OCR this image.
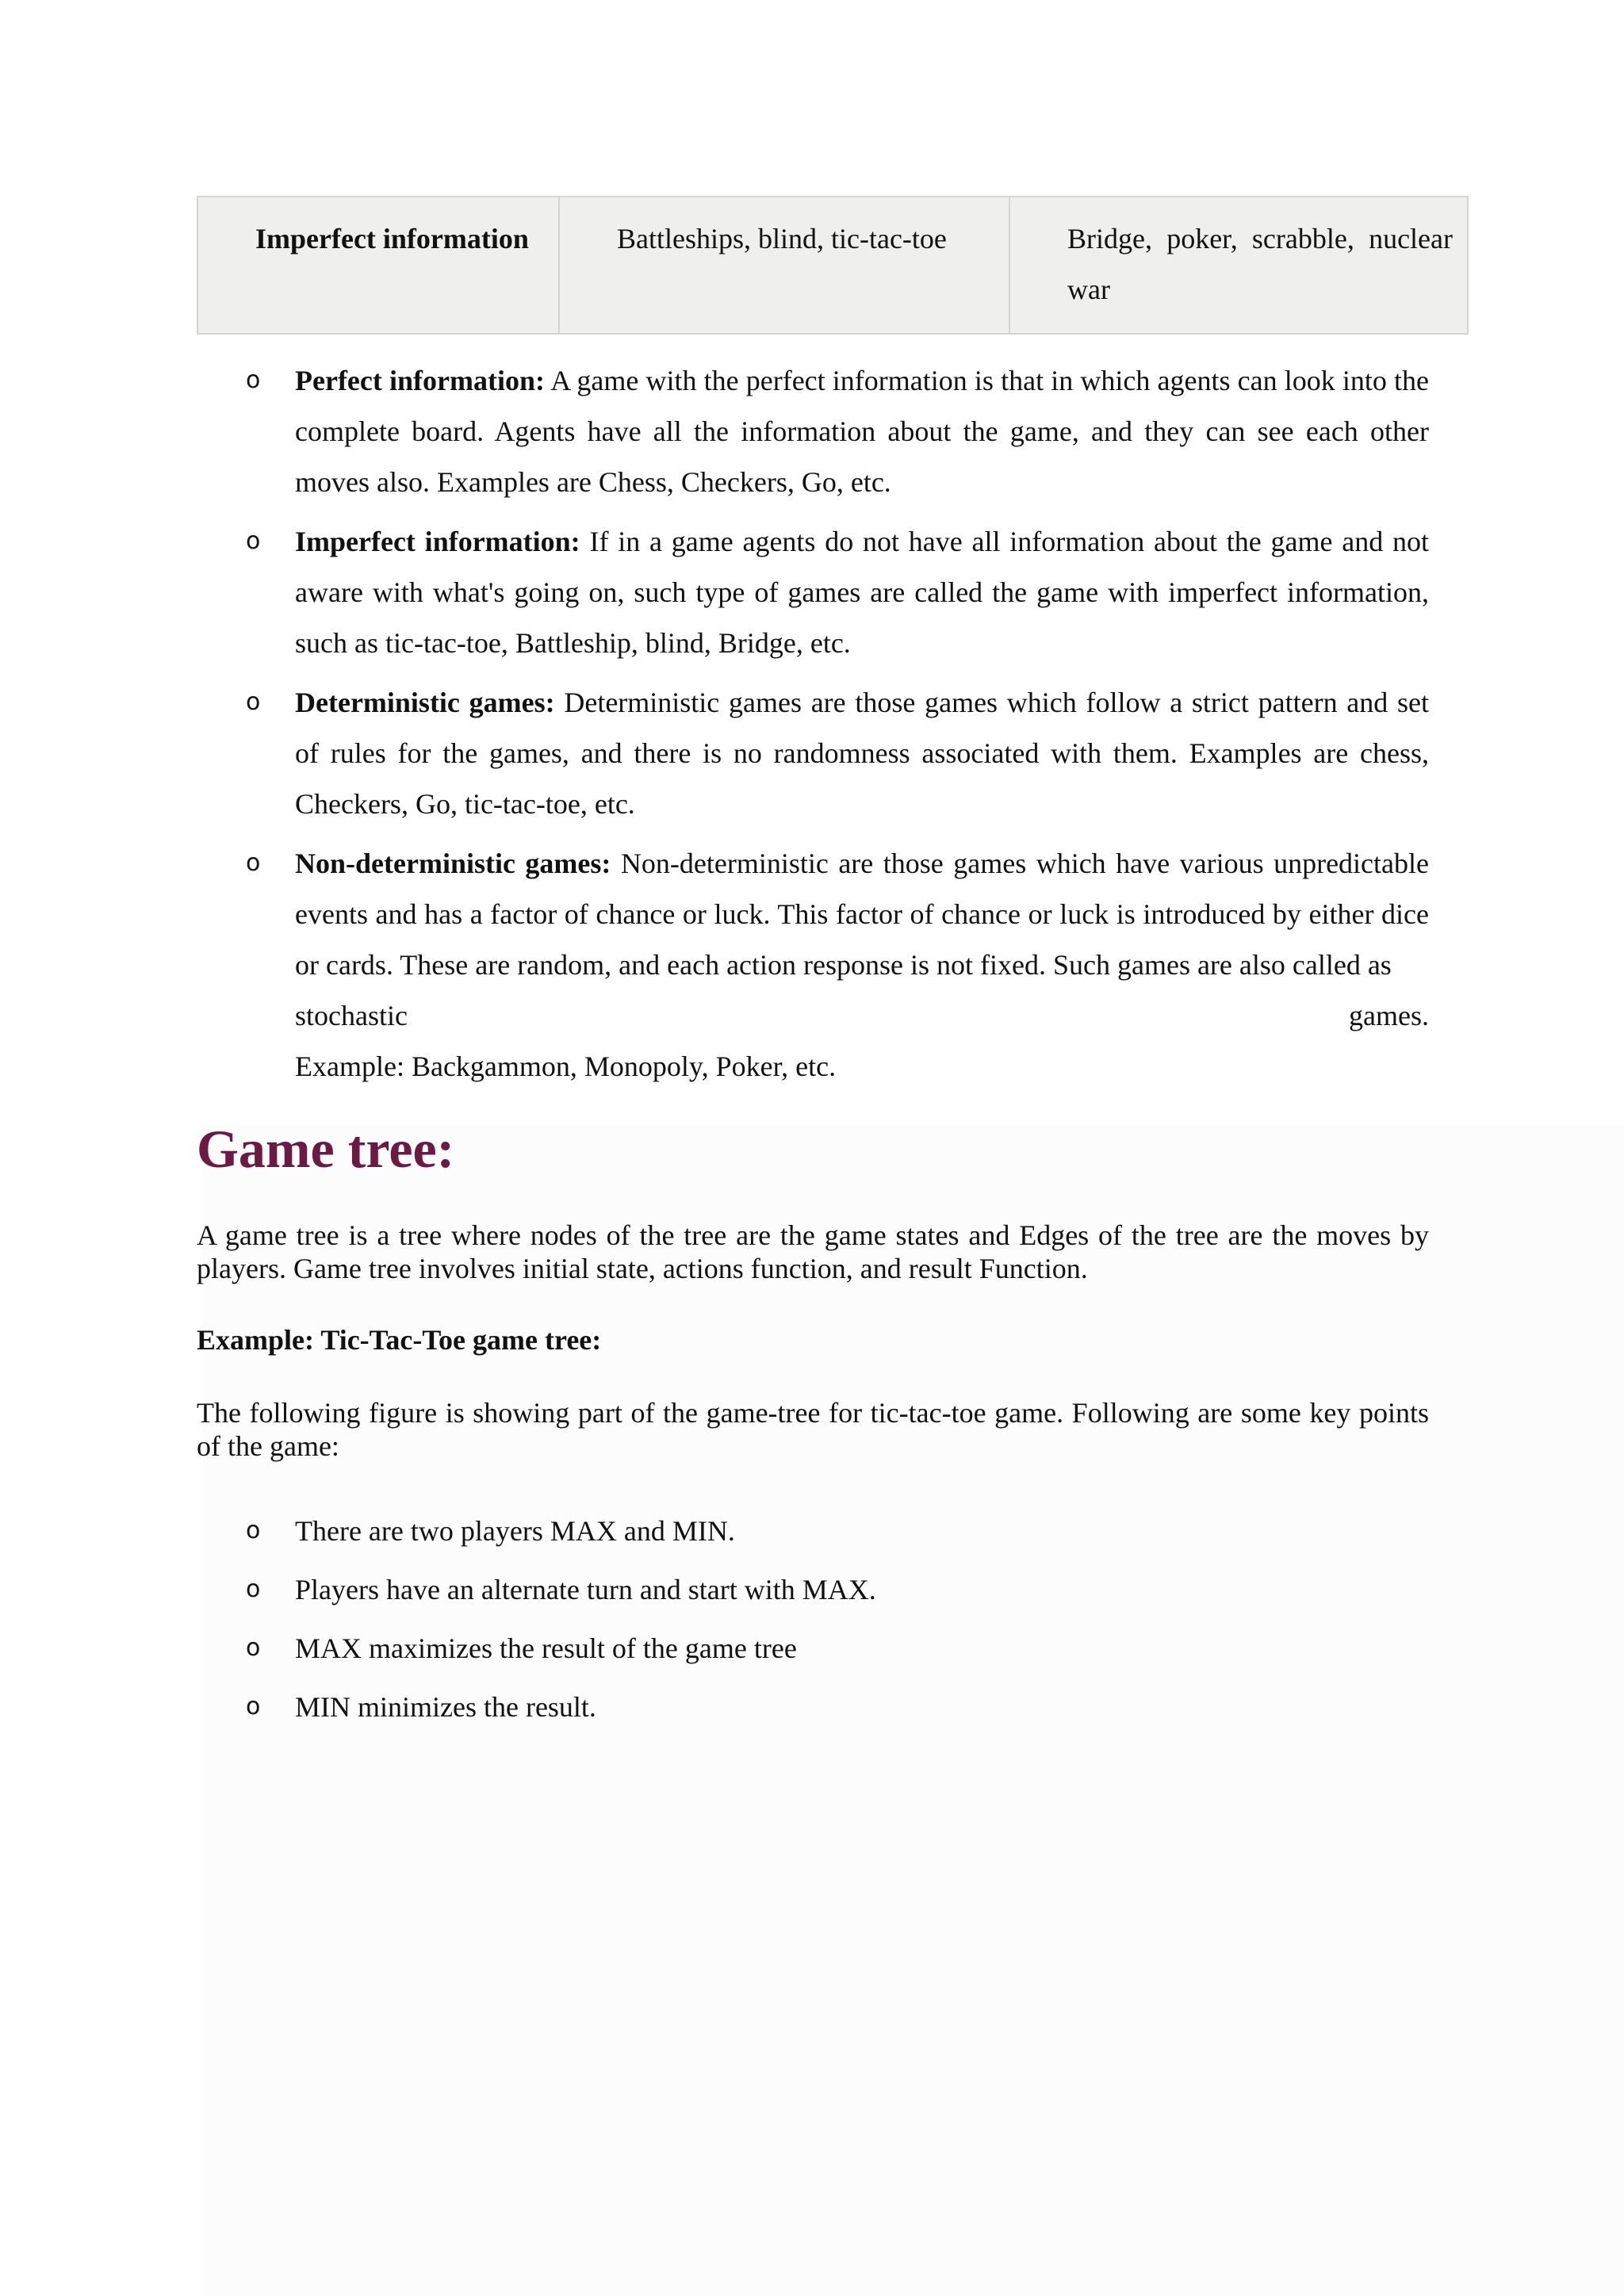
Imperfect information	Battleships, blind, tic-tac-toe	Bridge, poker, scrabble, nuclear war
o Perfect information: A game with the perfect information is that in which agents can look into the complete board. Agents have all the information about the game, and they can see each other moves also. Examples are Chess, Checkers, Go, etc.
o Imperfect information: If in a game agents do not have all information about the game and not aware with what's going on, such type of games are called the game with imperfect information, such as tic-tac-toe, Battleship, blind, Bridge, etc.
o Deterministic games: Deterministic games are those games which follow a strict pattern and set of rules for the games, and there is no randomness associated with them. Examples are chess, Checkers, Go, tic-tac-toe, etc.
o Non-deterministic games: Non-deterministic are those games which have various unpredictable events and has a factor of chance or luck. This factor of chance or luck is introduced by either dice or cards. These are random, and each action response is not fixed. Such games are also called as
stochastic	games.
Example: Backgammon, Monopoly, Poker, etc.
Game tree:

A game tree is a tree where nodes of the tree are the game states and Edges of the tree are the moves by players. Game tree involves initial state, actions function, and result Function.

Example: Tic-Tac-Toe game tree:

The following figure is showing part of the game-tree for tic-tac-toe game. Following are some key points of the game:

o There are two players MAX and MIN.
o Players have an alternate turn and start with MAX.
o MAX maximizes the result of the game tree
o MIN minimizes the result.
